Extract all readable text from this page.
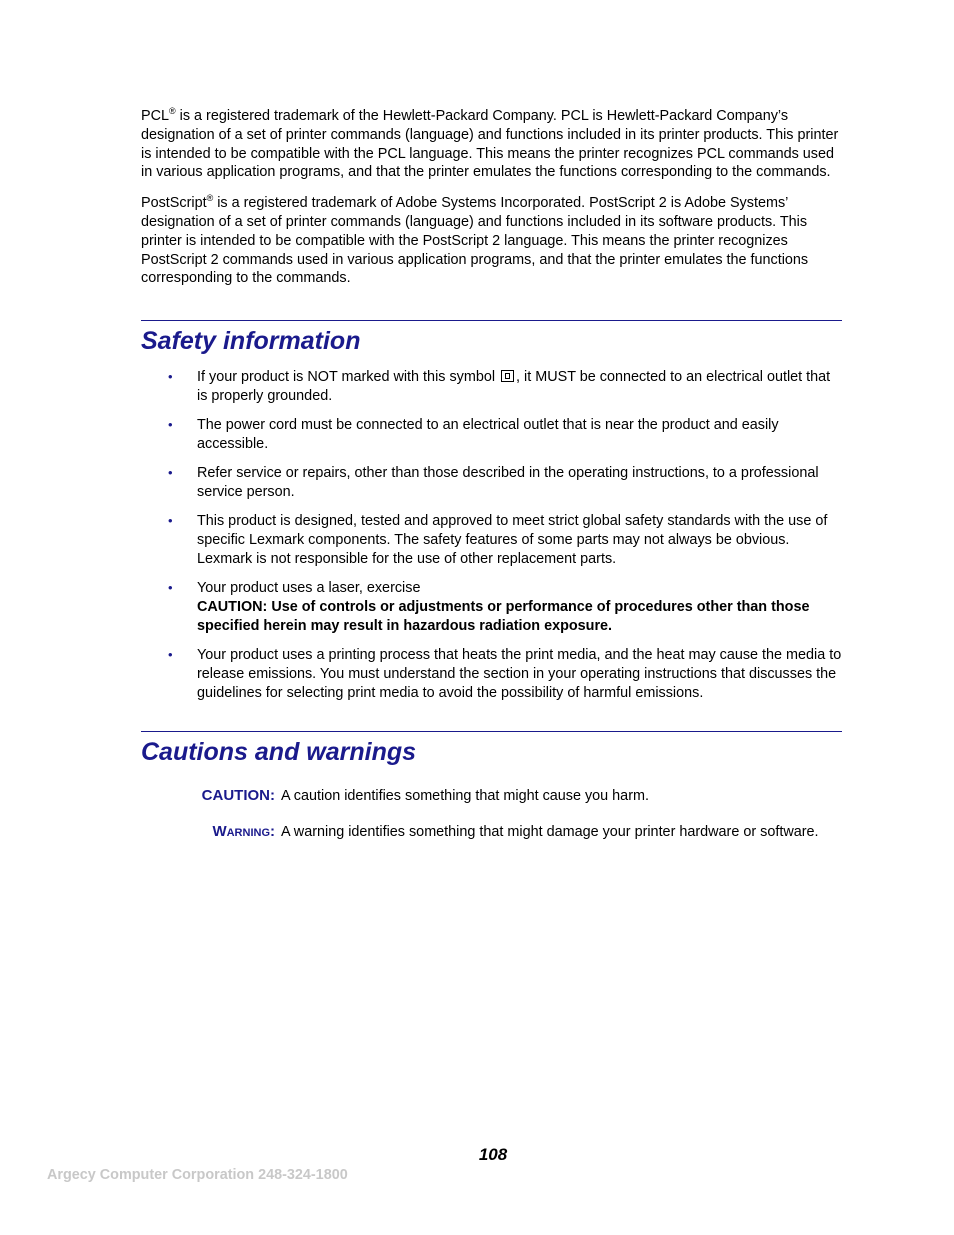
PCL® is a registered trademark of the Hewlett-Packard Company. PCL is Hewlett-Packard Company’s designation of a set of printer commands (language) and functions included in its printer products. This printer is intended to be compatible with the PCL language. This means the printer recognizes PCL commands used in various application programs, and that the printer emulates the functions corresponding to the commands.

PostScript® is a registered trademark of Adobe Systems Incorporated. PostScript 2 is Adobe Systems’ designation of a set of printer commands (language) and functions included in its software products. This printer is intended to be compatible with the PostScript 2 language. This means the printer recognizes PostScript 2 commands used in various application programs, and that the printer emulates the functions corresponding to the commands.

Safety information
• If your product is NOT marked with this symbol , it MUST be connected to an electrical outlet that is properly grounded.
• The power cord must be connected to an electrical outlet that is near the product and easily accessible.
• Refer service or repairs, other than those described in the operating instructions, to a professional service person.
• This product is designed, tested and approved to meet strict global safety standards with the use of specific Lexmark components. The safety features of some parts may not always be obvious. Lexmark is not responsible for the use of other replacement parts.
• Your product uses a laser, exercise
CAUTION: Use of controls or adjustments or performance of procedures other than those specified herein may result in hazardous radiation exposure.
• Your product uses a printing process that heats the print media, and the heat may cause the media to release emissions. You must understand the section in your operating instructions that discusses the guidelines for selecting print media to avoid the possibility of harmful emissions.
Cautions and warnings
CAUTION: A caution identifies something that might cause you harm.
WARNING: A warning identifies something that might damage your printer hardware or software.
108
Argecy Computer Corporation 248-324-1800
